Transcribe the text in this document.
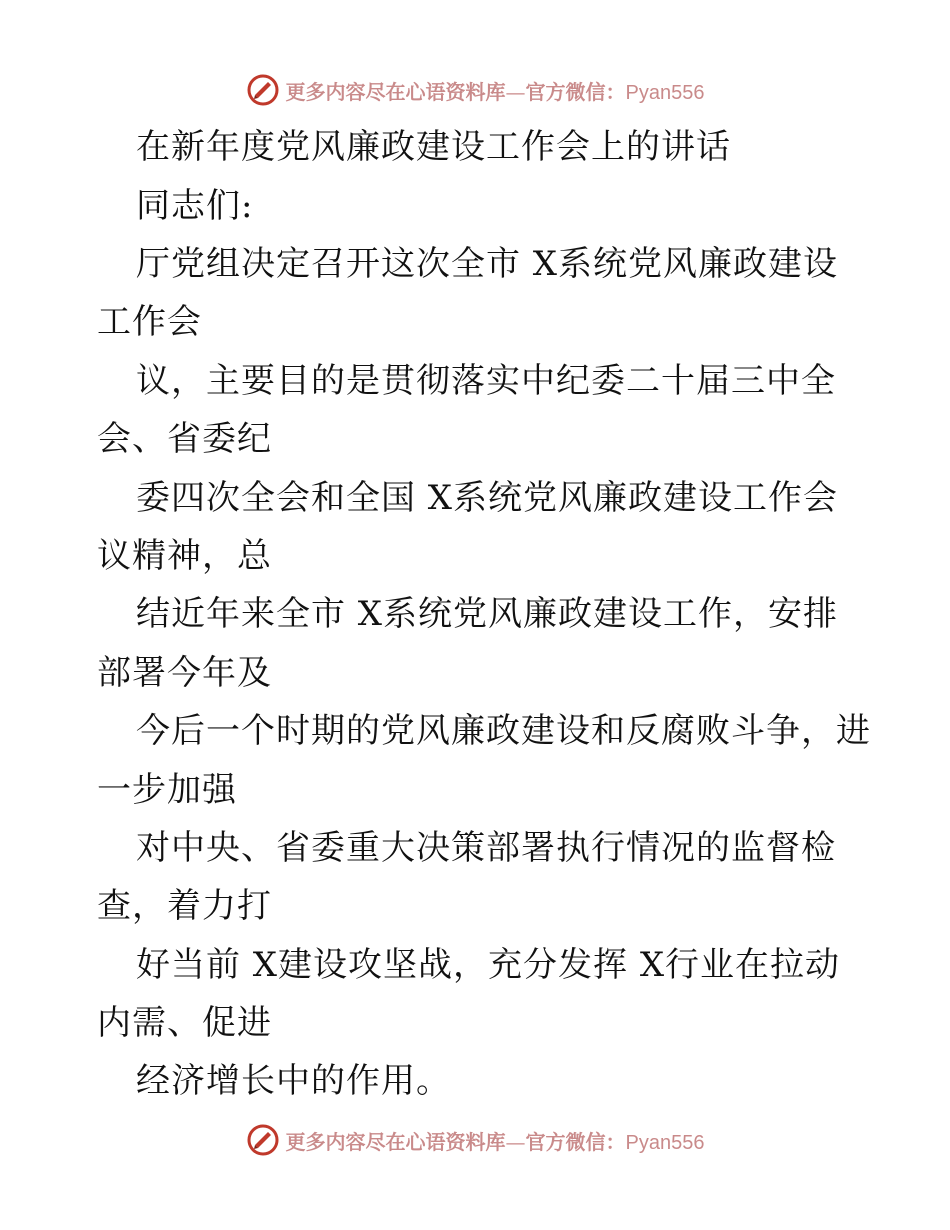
更多内容尽在心语资料库—官方微信：Pyan556
在新年度党风廉政建设工作会上的讲话
同志们:
厅党组决定召开这次全市 X系统党风廉政建设
工作会
议，主要目的是贯彻落实中纪委二十届三中全
会、省委纪
委四次全会和全国 X系统党风廉政建设工作会
议精神，总
结近年来全市 X系统党风廉政建设工作，安排
部署今年及
今后一个时期的党风廉政建设和反腐败斗争，进
一步加强
对中央、省委重大决策部署执行情况的监督检
查，着力打
好当前 X建设攻坚战，充分发挥 X行业在拉动
内需、促进
经济增长中的作用。
更多内容尽在心语资料库—官方微信：Pyan556
